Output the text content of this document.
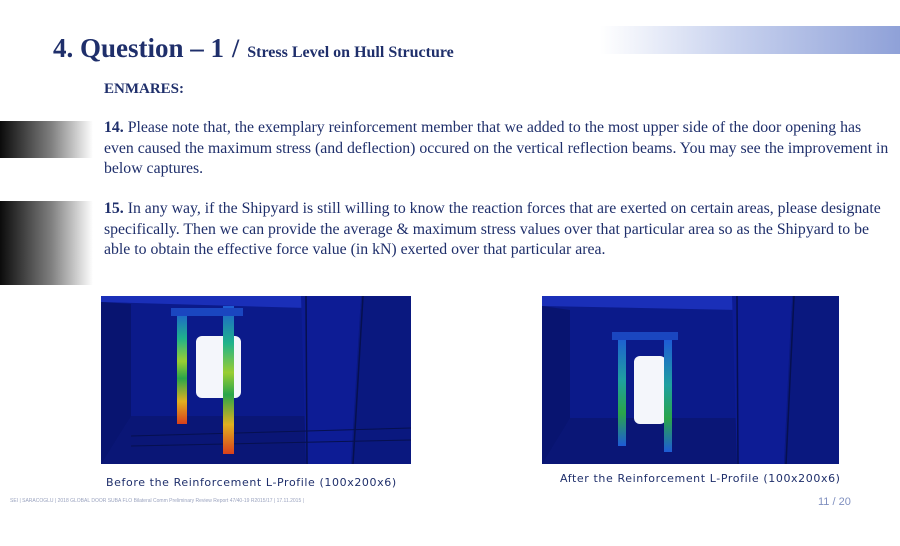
4. Question – 1 / Stress Level on Hull Structure
ENMARES:

14. Please note that, the exemplary reinforcement member that we added to the most upper side of the door opening has even caused the maximum stress (and deflection) occured on the vertical reflection beams. You may see the improvement in below captures.

15. In any way, if the Shipyard is still willing to know the reaction forces that are exerted on certain areas, please designate specifically. Then we can provide the average & maximum stress values over that particular area so as the Shipyard to be able to obtain the effective force value (in kN) exerted over that particular area.

Before the Reinforcement L-Profile (100x200x6)	After the Reinforcement L-Profile (100x200x6)
SEI | SARACOGLU | 2018 GLOBAL DOOR SUBA FLO Bilateral Comm Preliminary Review Report 47/40-19 R2015/17 | 17.11.2015 |	11 / 20
